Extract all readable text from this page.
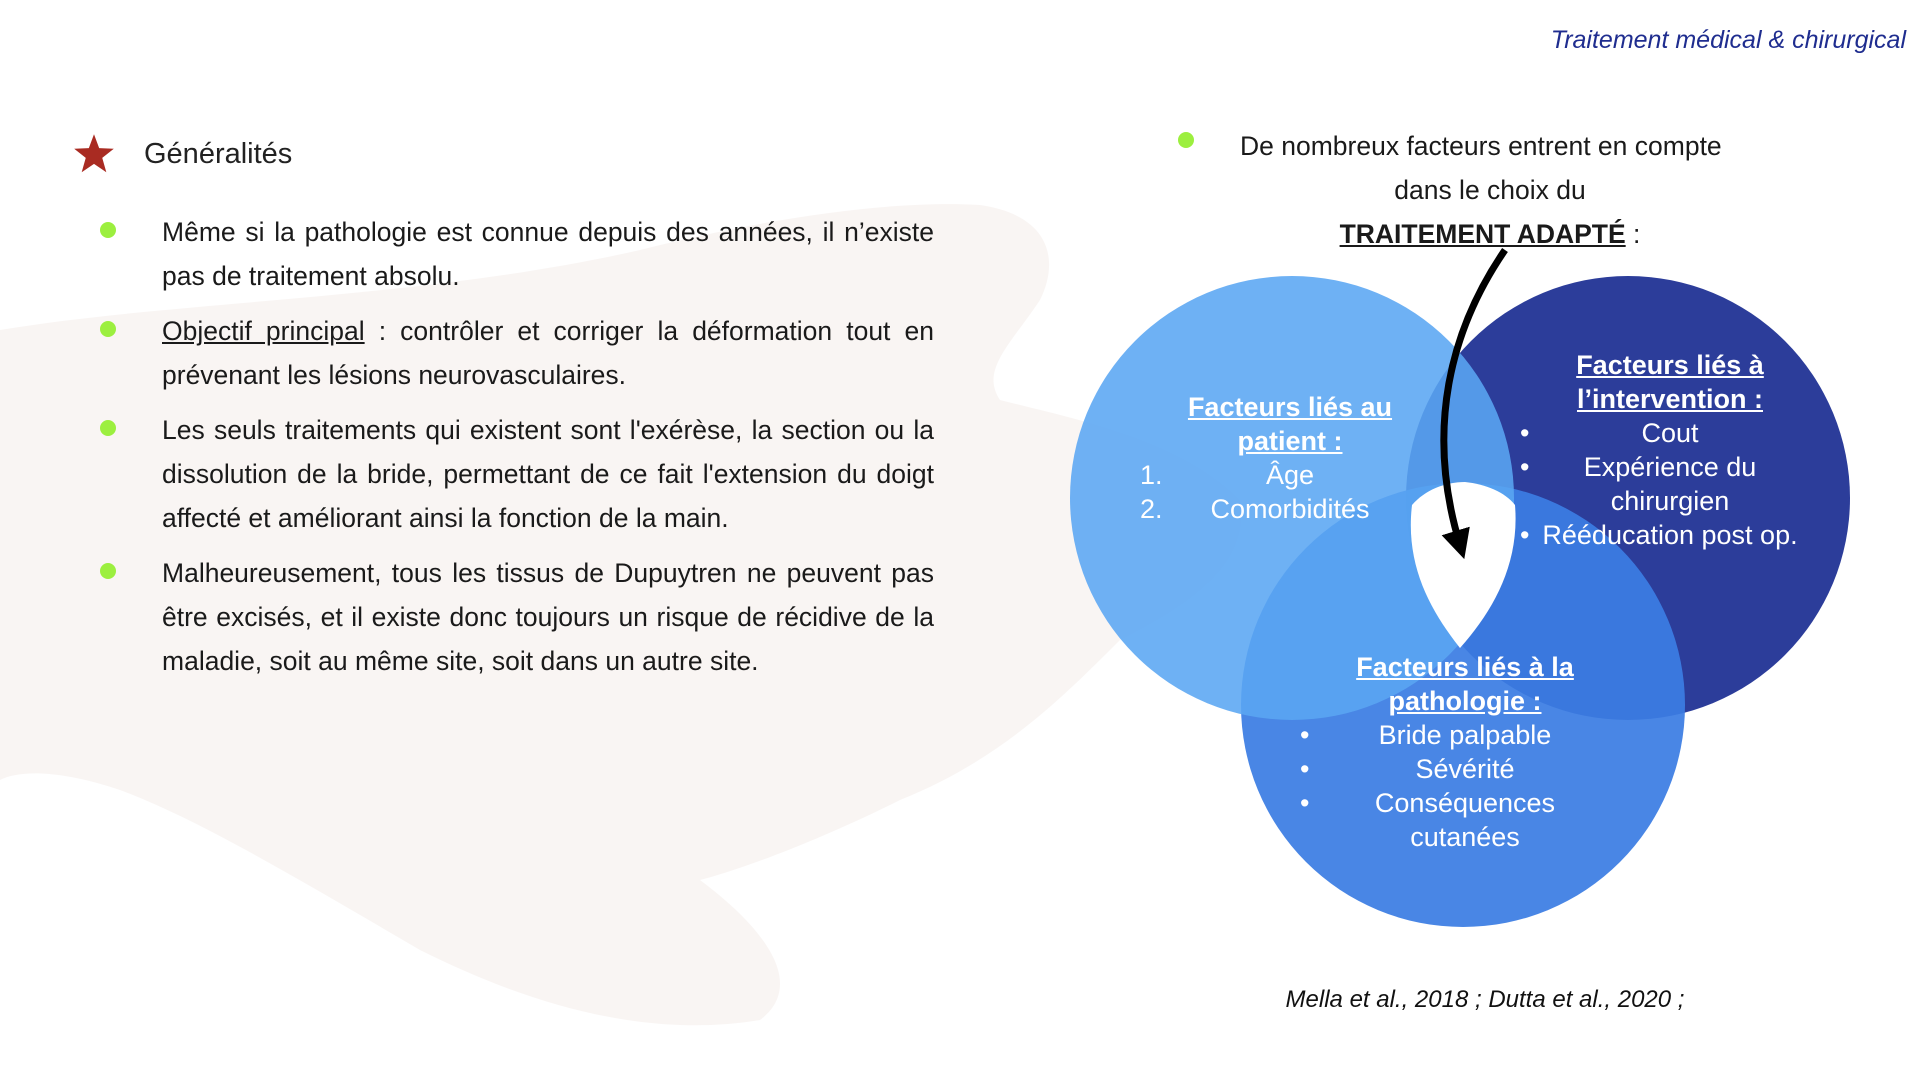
Traitement médical & chirurgical
Généralités
Même si la pathologie est connue depuis des années, il n’existe pas de traitement absolu.
Objectif principal : contrôler et corriger la déformation tout en prévenant les lésions neurovasculaires.
Les seuls traitements qui existent sont l'exérèse, la section ou la dissolution de la bride, permettant de ce fait l'extension du doigt affecté et améliorant ainsi la fonction de la main.
Malheureusement, tous les tissus de Dupuytren ne peuvent pas être excisés, et il existe donc toujours un risque de récidive de la maladie, soit au même site, soit dans un autre site.
De nombreux facteurs entrent en compte
dans le choix du
TRAITEMENT ADAPTÉ :
Facteurs liés au
patient :
1.	Âge
2. Comorbidités
Facteurs liés à
l’intervention :
•	Cout
• Expérience du
chirurgien
• Rééducation post op.
Facteurs liés à la
pathologie :
•	Bride palpable
•	Sévérité
• Conséquences
cutanées
Mella et al., 2018 ; Dutta et al., 2020 ;
